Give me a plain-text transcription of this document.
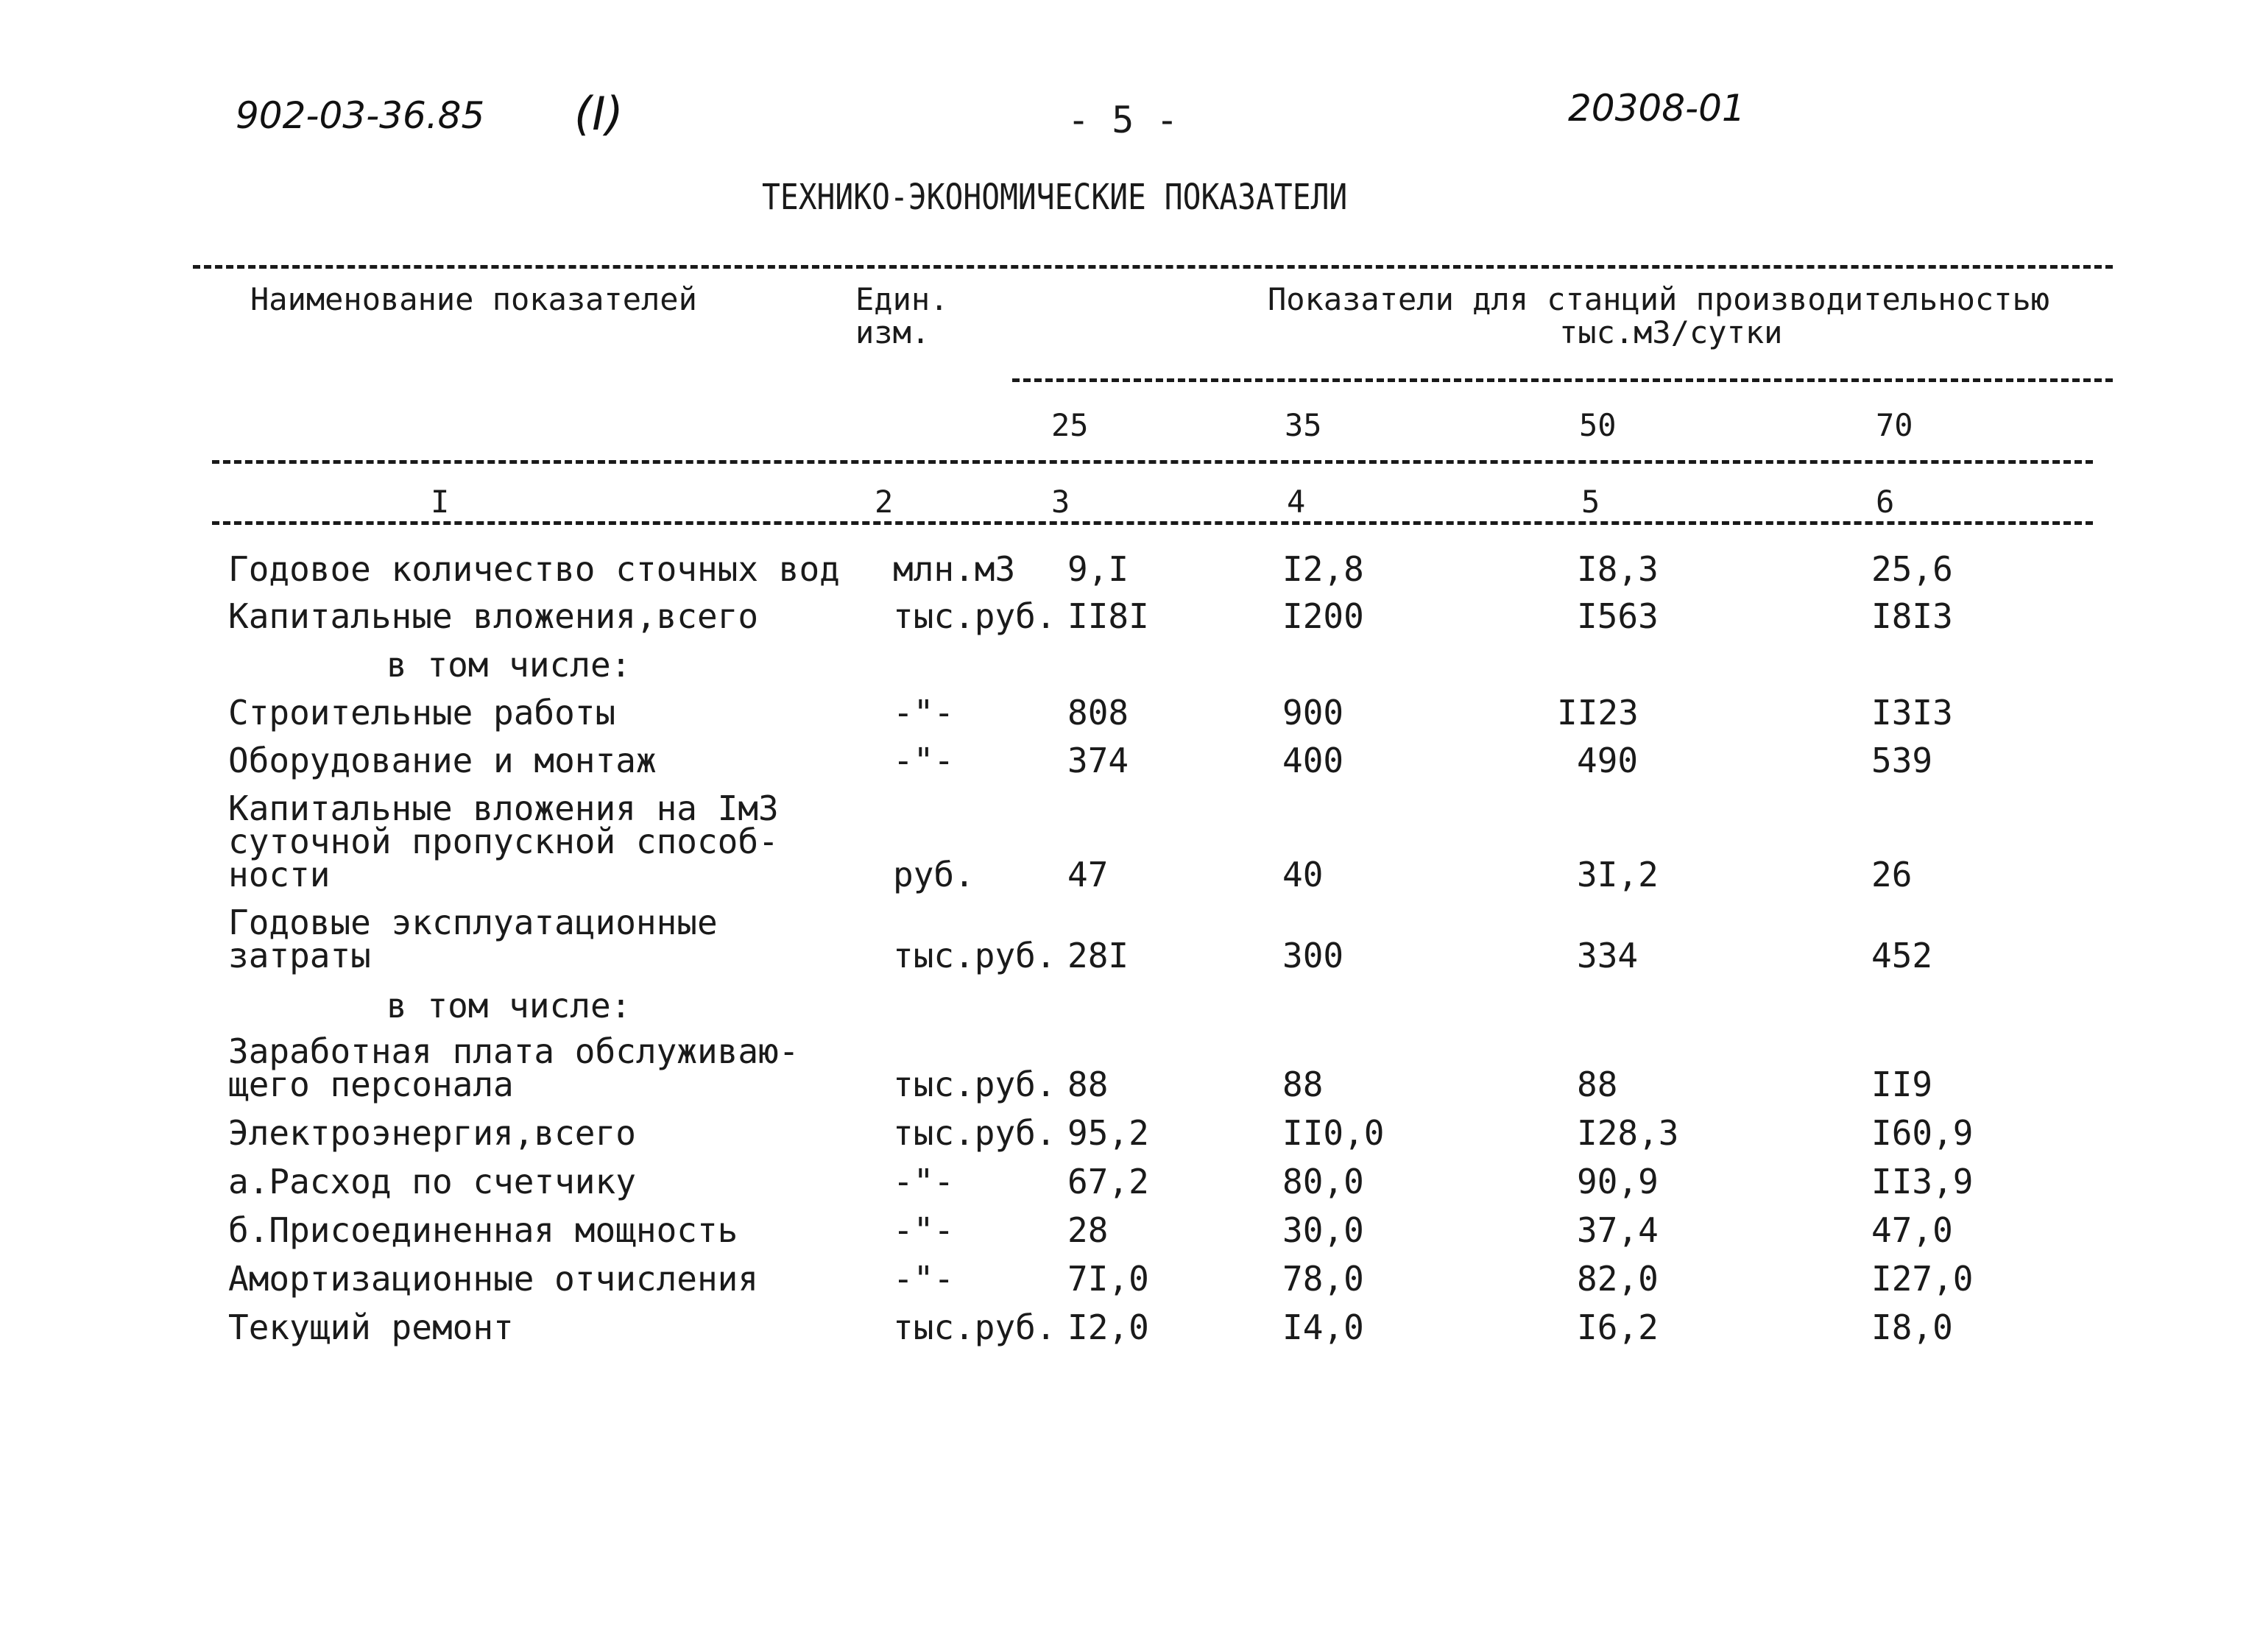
902-03-36.85 (I)	- 5 -	20308-01
ТЕХНИКО-ЭКОНОМИЧЕСКИЕ ПОКАЗАТЕЛИ
Наименование показателей	Един.
изм.
Показатели для станций производительностью
тыс.м3/сутки
25	35	50	70
I	2	3	4	5	6
Годовое количество сточных вод млн.м3 9,I	I2,8	I8,3	25,6
Капитальные вложения,всего	тыс.руб. II8I	I200	I563	I8I3
в том числе:
Строительные работы	-"-	808	900	II23	I3I3
Оборудование и монтаж	-"-	374	400	490	539
Капитальные вложения на Iм3
суточной пропускной способ-
ности	руб.	47	40	3I,2	26
Годовые эксплуатационные
затраты	тыс.руб. 28I	300	334	452
в том числе:
Заработная плата обслуживаю-
щего персонала	тыс.руб. 88	88	88	II9
Электроэнергия,всего	тыс.руб. 95,2	II0,0	I28,3	I60,9
а.Расход по счетчику	-"-	67,2	80,0	90,9	II3,9
б.Присоединенная мощность	-"-	28	30,0	37,4	47,0
Амортизационные отчисления	-"-	7I,0	78,0	82,0	I27,0
Текущий ремонт	тыс.руб. I2,0	I4,0	I6,2	I8,0
